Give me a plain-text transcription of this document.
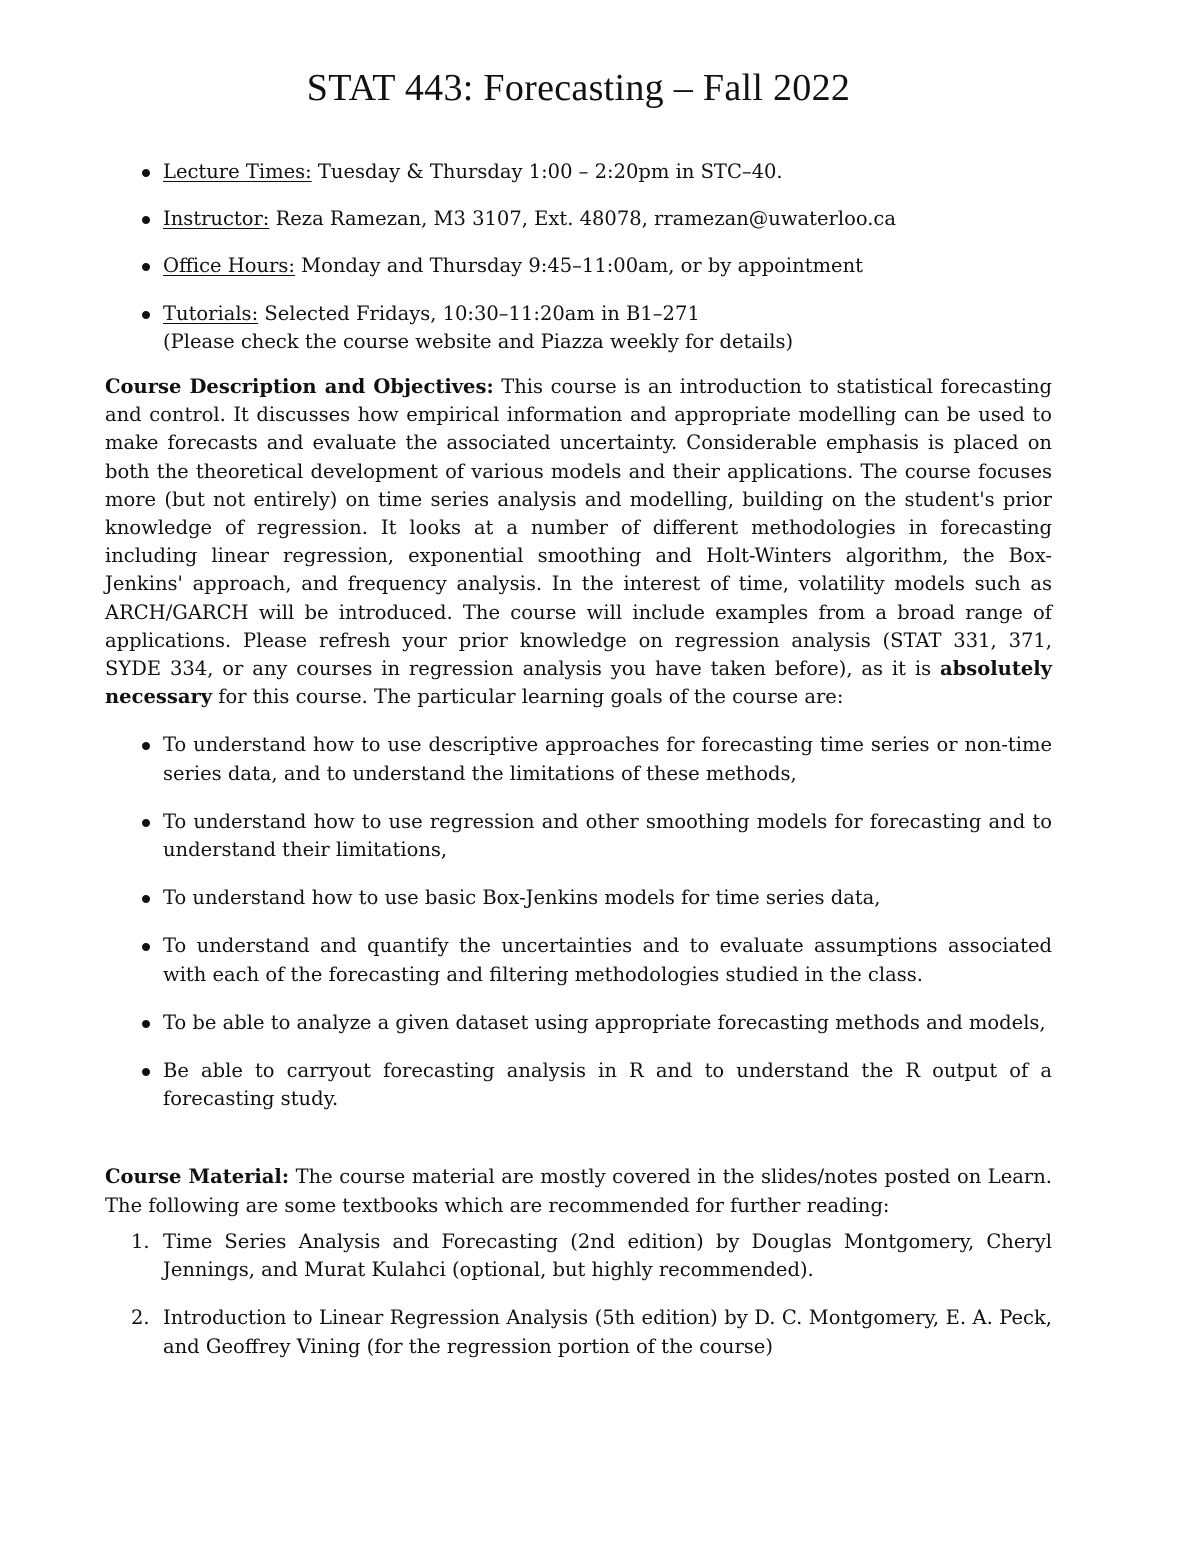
STAT 443: Forecasting – Fall 2022
Lecture Times: Tuesday & Thursday 1:00 – 2:20pm in STC–40.
Instructor: Reza Ramezan, M3 3107, Ext. 48078, rramezan@uwaterloo.ca
Office Hours: Monday and Thursday 9:45–11:00am, or by appointment
Tutorials: Selected Fridays, 10:30–11:20am in B1–271
(Please check the course website and Piazza weekly for details)

Course Description and Objectives: This course is an introduction to statistical forecasting and control. It discusses how empirical information and appropriate modelling can be used to make forecasts and evaluate the associated uncertainty. Considerable emphasis is placed on both the theoretical development of various models and their applications. The course focuses more (but not entirely) on time series analysis and modelling, building on the student's prior knowledge of regression. It looks at a number of different methodologies in forecasting including linear regression, exponential smoothing and Holt-Winters algorithm, the Box-Jenkins' approach, and frequency analysis. In the interest of time, volatility models such as ARCH/GARCH will be introduced. The course will include examples from a broad range of applications. Please refresh your prior knowledge on regression analysis (STAT 331, 371, SYDE 334, or any courses in regression analysis you have taken before), as it is absolutely necessary for this course. The particular learning goals of the course are:

To understand how to use descriptive approaches for forecasting time series or non-time series data, and to understand the limitations of these methods,
To understand how to use regression and other smoothing models for forecasting and to understand their limitations,
To understand how to use basic Box-Jenkins models for time series data,
To understand and quantify the uncertainties and to evaluate assumptions associated with each of the forecasting and filtering methodologies studied in the class.
To be able to analyze a given dataset using appropriate forecasting methods and models,
Be able to carryout forecasting analysis in R and to understand the R output of a forecasting study.

Course Material: The course material are mostly covered in the slides/notes posted on Learn. The following are some textbooks which are recommended for further reading:

1. Time Series Analysis and Forecasting (2nd edition) by Douglas Montgomery, Cheryl Jennings, and Murat Kulahci (optional, but highly recommended).
2. Introduction to Linear Regression Analysis (5th edition) by D. C. Montgomery, E. A. Peck, and Geoffrey Vining (for the regression portion of the course)
